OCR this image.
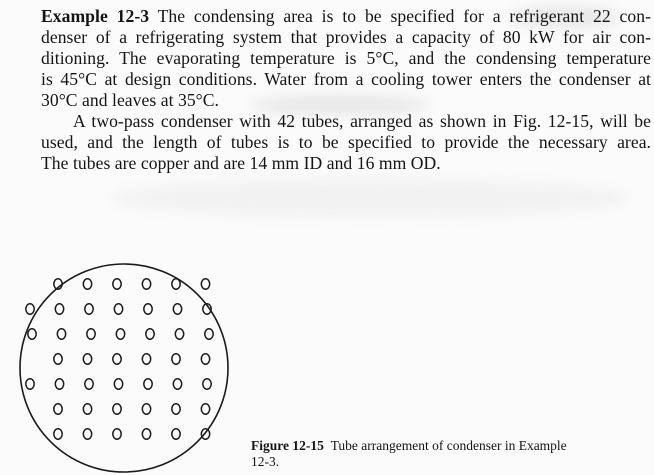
Example 12-3 The condensing area is to be specified for a refrigerant 22 con-
denser of a refrigerating system that provides a capacity of 80 kW for air con-
ditioning. The evaporating temperature is 5°C, and the condensing temperature
is 45°C at design conditions. Water from a cooling tower enters the condenser at
30°C and leaves at 35°C.
A two-pass condenser with 42 tubes, arranged as shown in Fig. 12-15, will be
used, and the length of tubes is to be specified to provide the necessary area.
The tubes are copper and are 14 mm ID and 16 mm OD.
Figure 12-15 Tube arrangement of condenser in Example
12-3.
